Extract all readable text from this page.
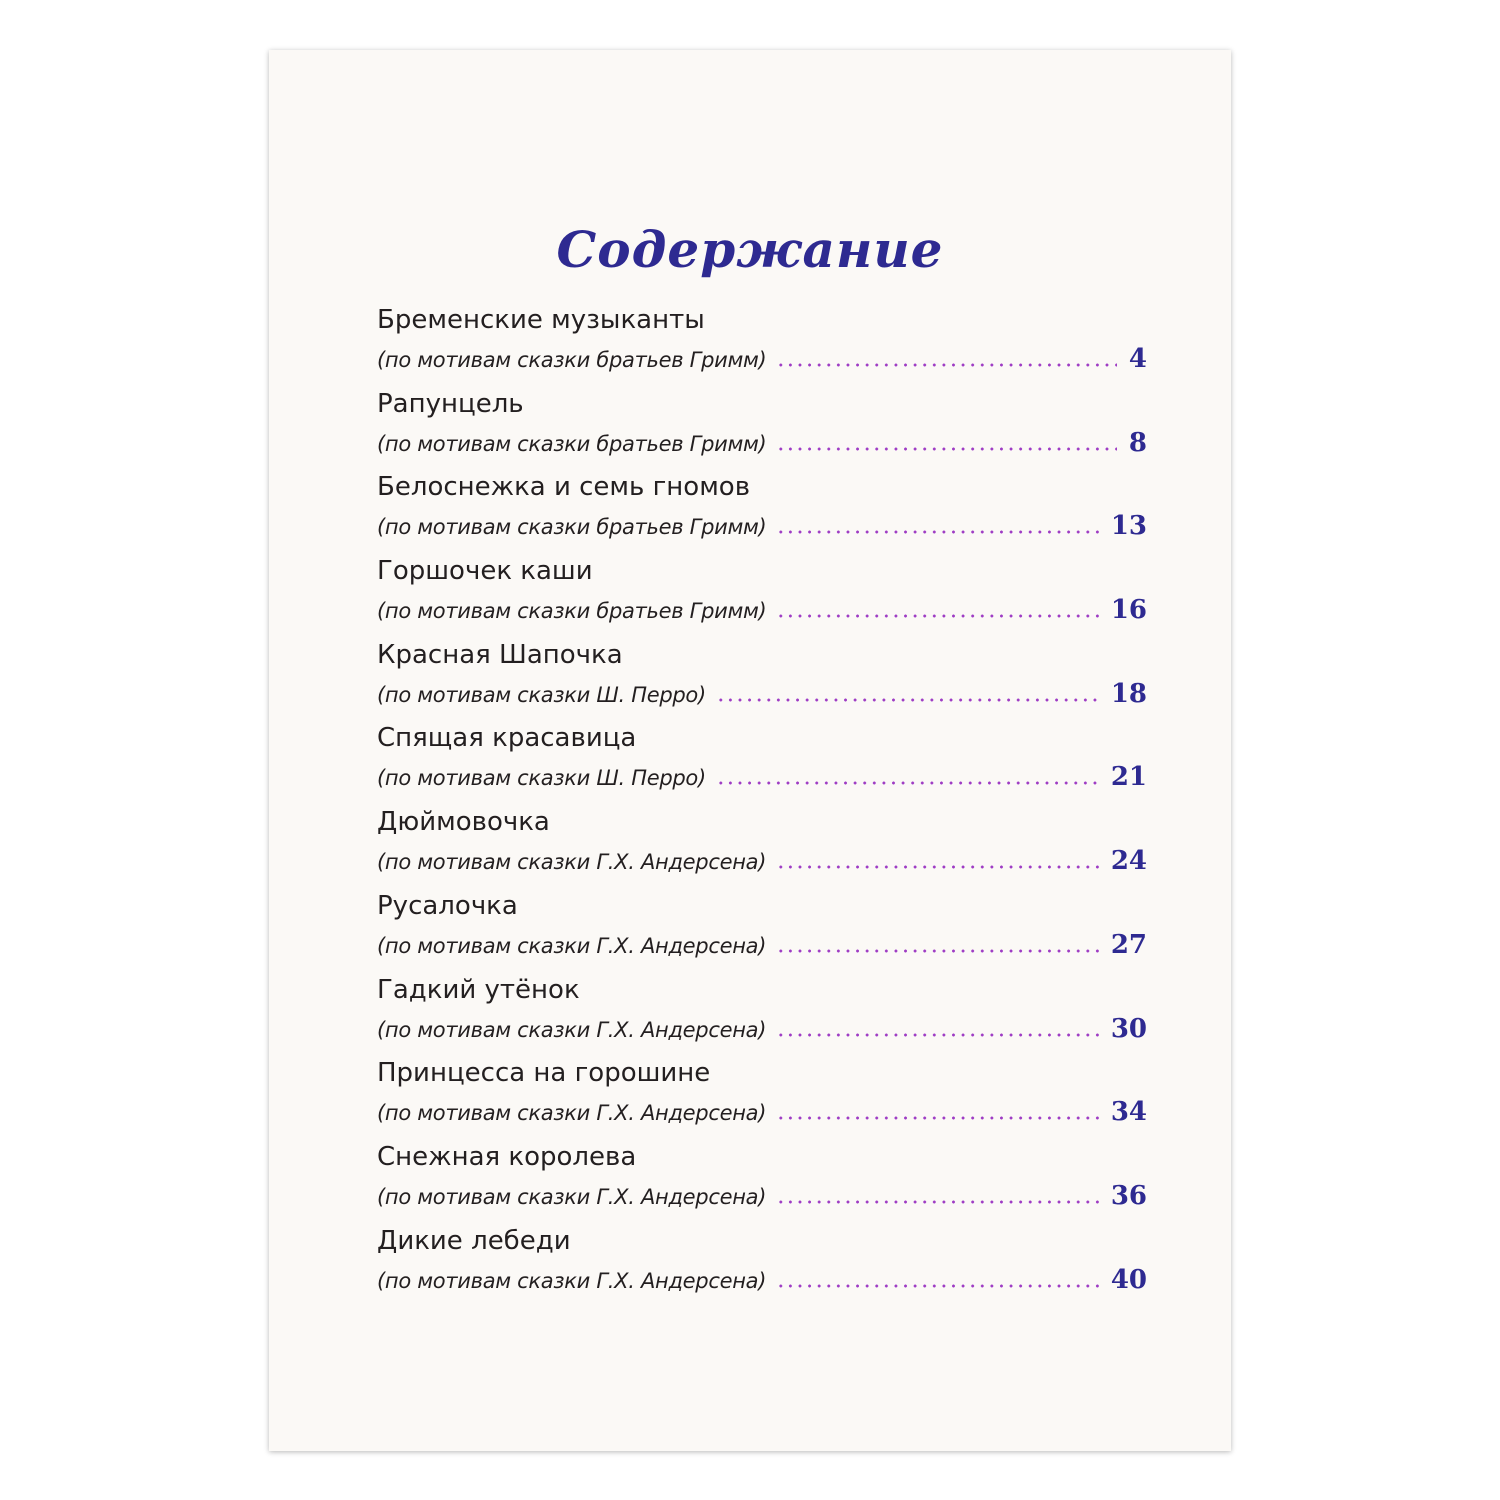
Содержание
Бременские музыканты
(по мотивам сказки братьев Гримм)	4
Рапунцель
(по мотивам сказки братьев Гримм)	8
Белоснежка и семь гномов
(по мотивам сказки братьев Гримм)	13
Горшочек каши
(по мотивам сказки братьев Гримм)	16
Красная Шапочка
(по мотивам сказки Ш. Перро)	18
Спящая красавица
(по мотивам сказки Ш. Перро)	21
Дюймовочка
(по мотивам сказки Г.Х. Андерсена)	24
Русалочка
(по мотивам сказки Г.Х. Андерсена)	27
Гадкий утёнок
(по мотивам сказки Г.Х. Андерсена)	30
Принцесса на горошине
(по мотивам сказки Г.Х. Андерсена)	34
Снежная королева
(по мотивам сказки Г.Х. Андерсена)	36
Дикие лебеди
(по мотивам сказки Г.Х. Андерсена)	40
